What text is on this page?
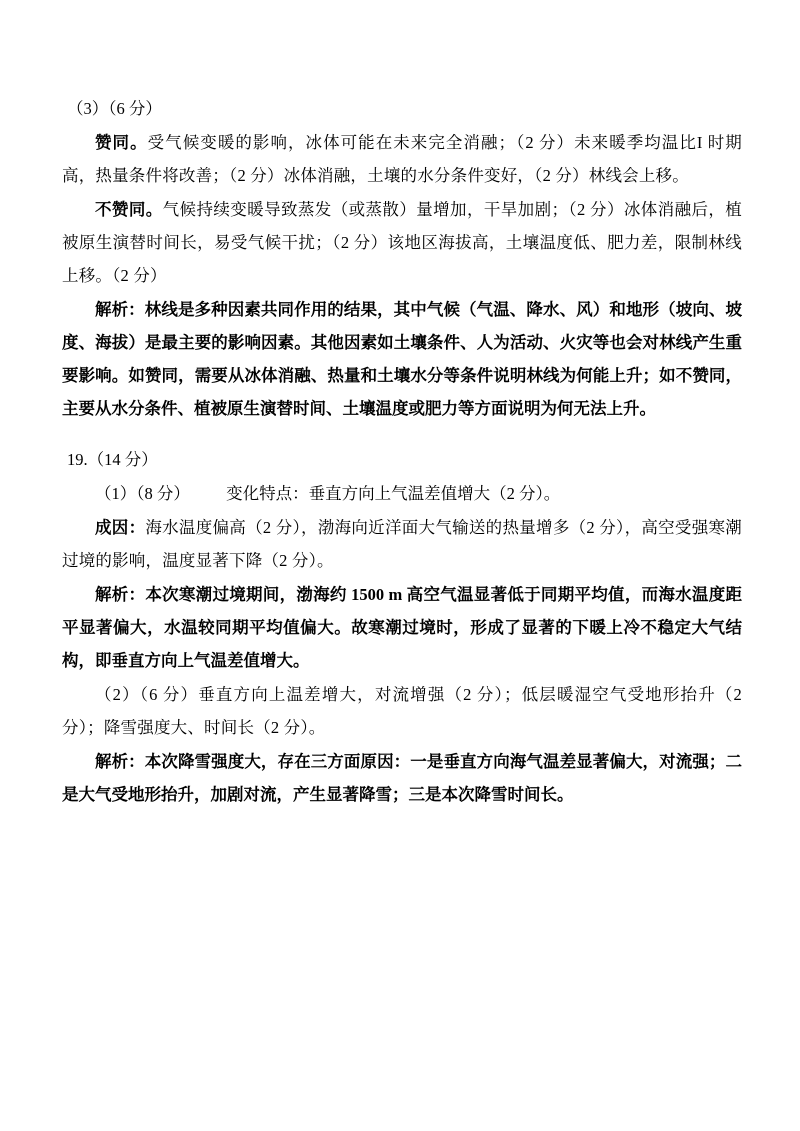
（3）（6 分）

赞同。受气候变暖的影响，冰体可能在未来完全消融；（2 分）未来暖季均温比I 时期高，热量条件将改善；（2 分）冰体消融，土壤的水分条件变好，（2 分）林线会上移。

不赞同。气候持续变暖导致蒸发（或蒸散）量增加，干旱加剧；（2 分）冰体消融后，植被原生演替时间长，易受气候干扰；（2 分）该地区海拔高，土壤温度低、肥力差，限制林线上移。（2 分）

解析：林线是多种因素共同作用的结果，其中气候（气温、降水、风）和地形（坡向、坡度、海拔）是最主要的影响因素。其他因素如土壤条件、人为活动、火灾等也会对林线产生重要影响。如赞同，需要从冰体消融、热量和土壤水分等条件说明林线为何能上升；如不赞同，主要从水分条件、植被原生演替时间、土壤温度或肥力等方面说明为何无法上升。

19.（14 分）

（1）（8 分） 变化特点：垂直方向上气温差值增大（2 分）。

成因：海水温度偏高（2 分），渤海向近洋面大气输送的热量增多（2 分），高空受强寒潮过境的影响，温度显著下降（2 分）。

解析：本次寒潮过境期间，渤海约 1500 m 高空气温显著低于同期平均值，而海水温度距平显著偏大，水温较同期平均值偏大。故寒潮过境时，形成了显著的下暖上冷不稳定大气结构，即垂直方向上气温差值增大。

（2）（6 分）垂直方向上温差增大，对流增强（2 分）；低层暖湿空气受地形抬升（2 分）；降雪强度大、时间长（2 分）。

解析：本次降雪强度大，存在三方面原因：一是垂直方向海气温差显著偏大，对流强；二是大气受地形抬升，加剧对流，产生显著降雪；三是本次降雪时间长。
